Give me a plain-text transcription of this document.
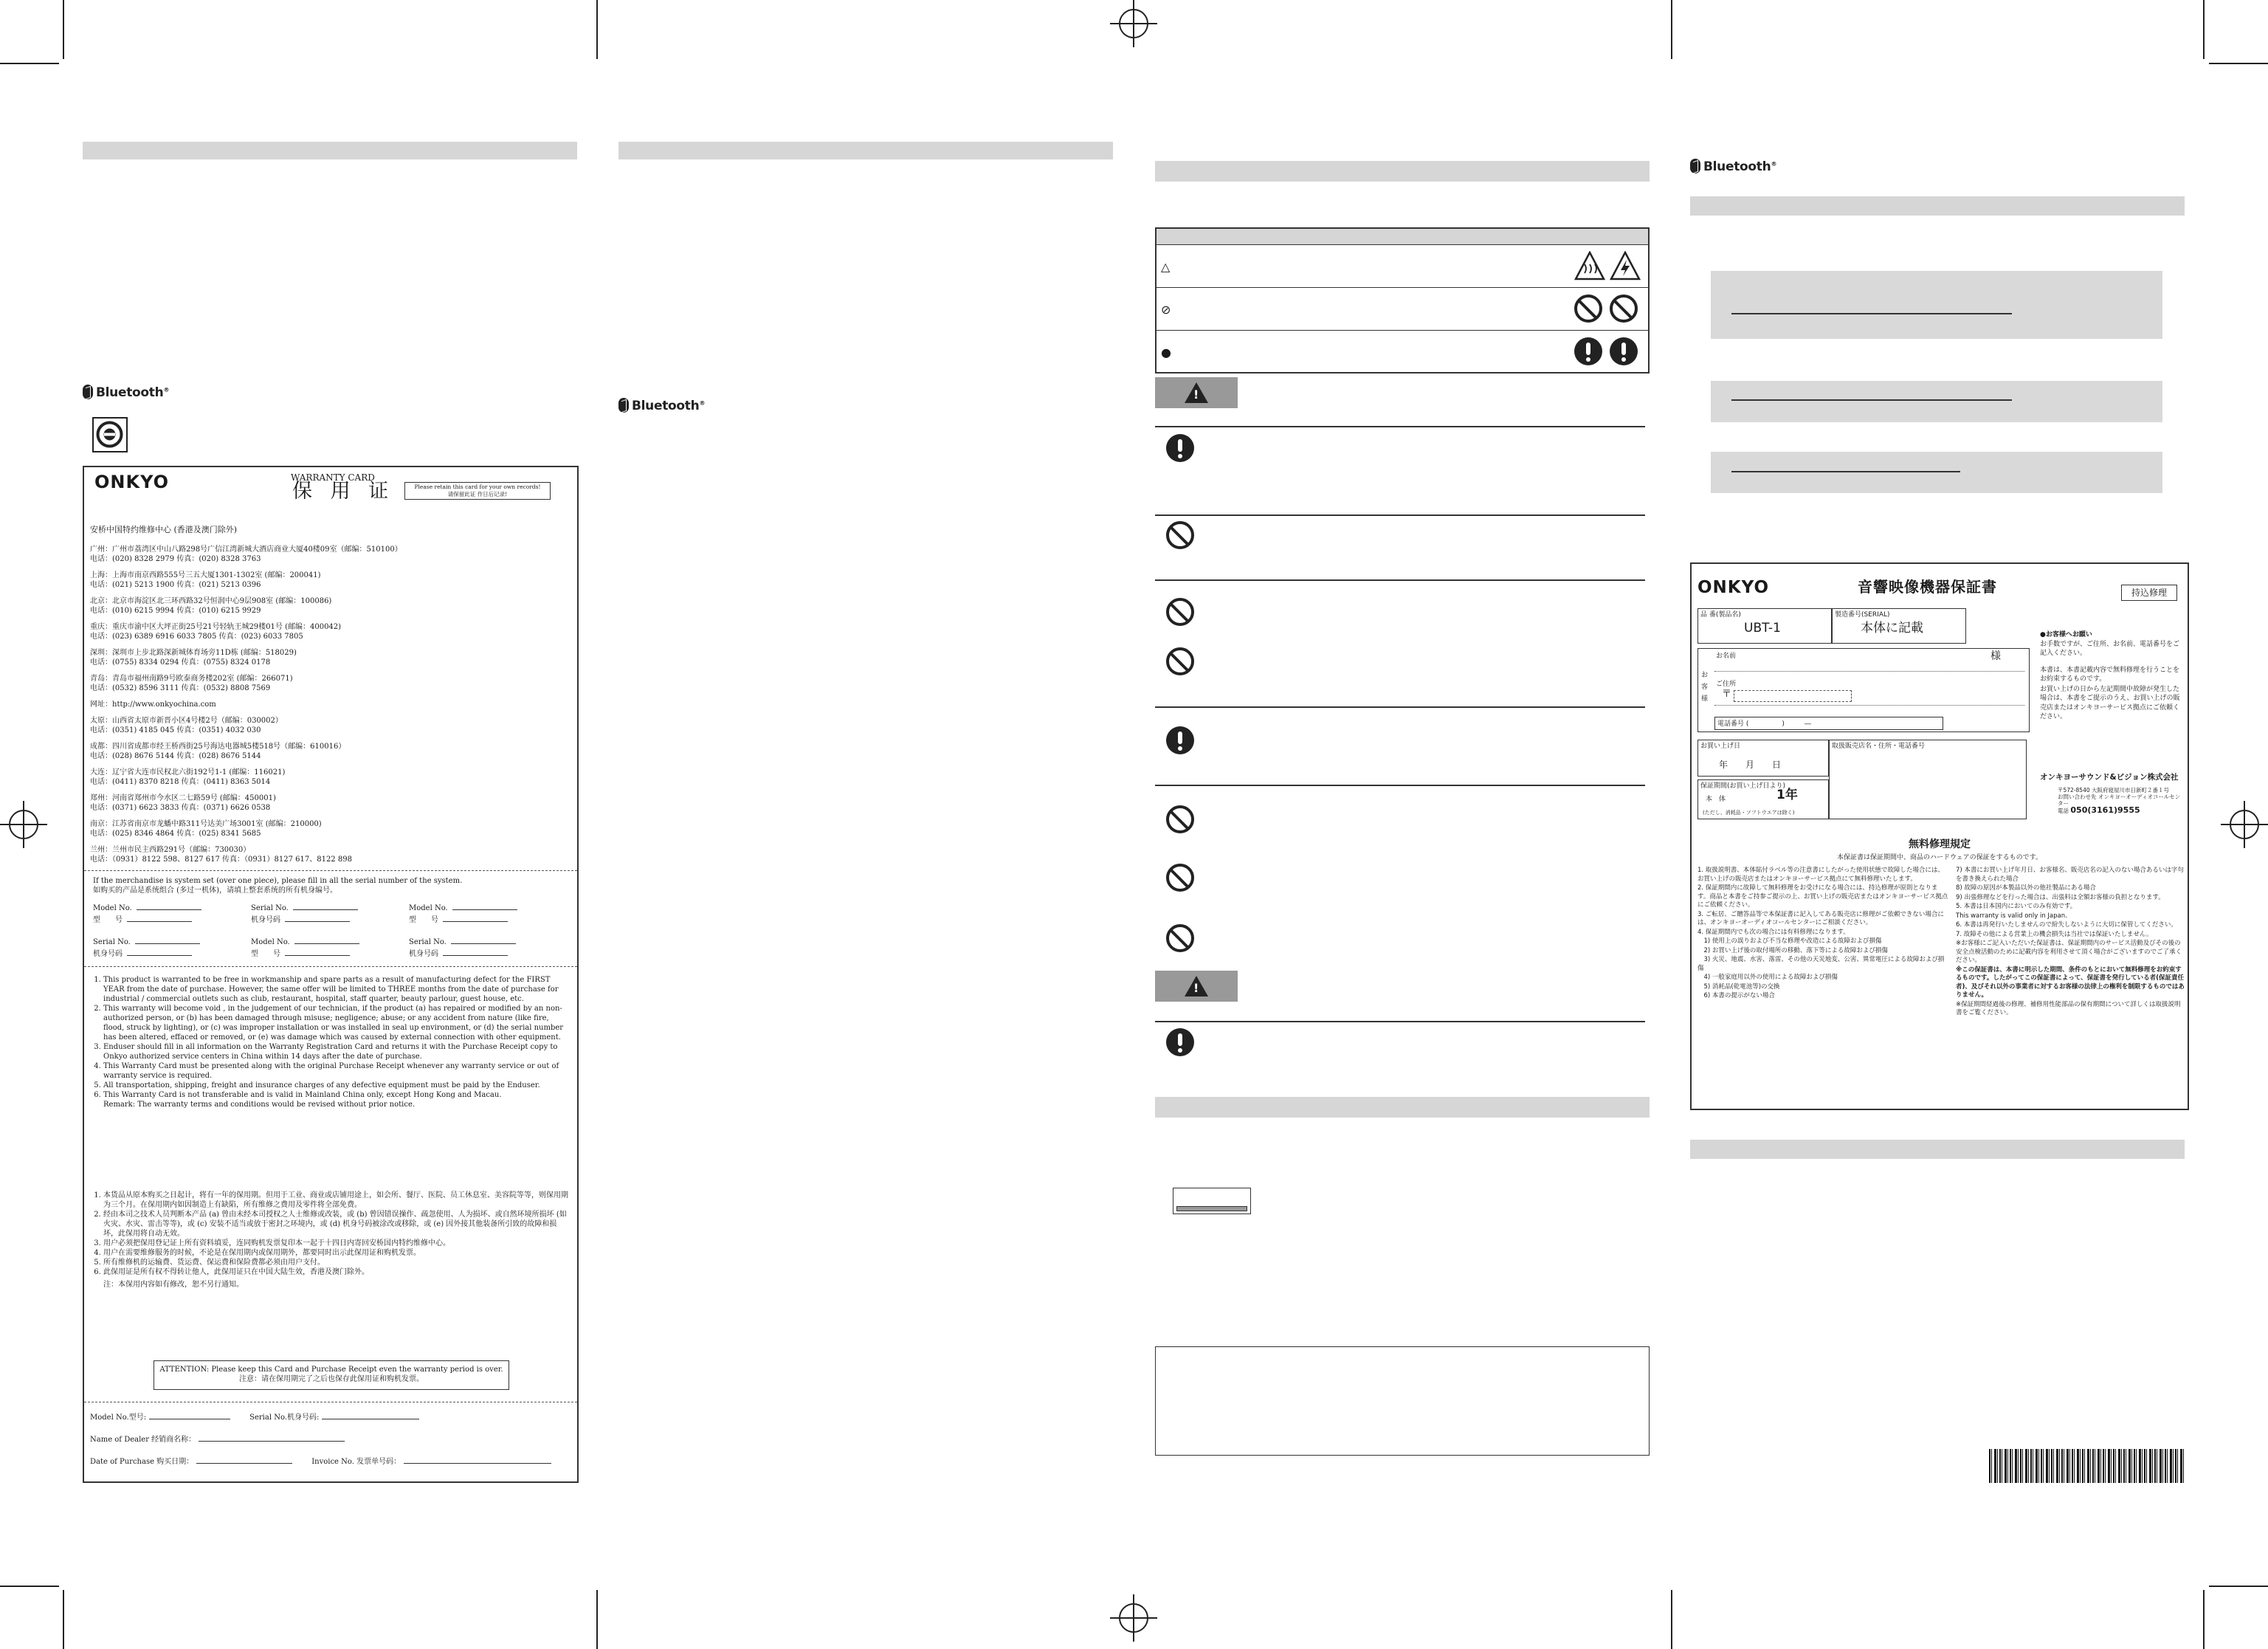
Bluetooth®
Bluetooth®
Bluetooth®
ONKYO	WARRANTY CARD
保 用 证	Please retain this card for your own records!
请保留此证 作日后记录!

安桥中国特约维修中心 (香港及澳门除外)

广州：广州市荔湾区中山八路298号广信江湾新城大酒店商业大厦40楼09室（邮编：510100）
电话：(020) 8328 2979 传真：(020) 8328 3763

上海：上海市南京西路555号三五大厦1301-1302室 (邮编：200041)
电话：(021) 5213 1900 传真：(021) 5213 0396

北京：北京市海淀区北三环西路32号恒润中心9层908室 (邮编：100086)
电话：(010) 6215 9994 传真：(010) 6215 9929

重庆：重庆市渝中区大坪正街25号21号轻轨王城29楼01号 (邮编：400042)
电话：(023) 6389 6916 6033 7805 传真：(023) 6033 7805

深圳：深圳市上步北路深新城体育场旁11D栋 (邮编：518029)
电话：(0755) 8334 0294 传真：(0755) 8324 0178

青岛：青岛市福州南路9号欧泰商务楼202室 (邮编：266071)
电话：(0532) 8596 3111 传真：(0532) 8808 7569

网址：http://www.onkyochina.com

太原：山西省太原市新晋小区4号楼2号（邮编：030002）
电话：(0351) 4185 045 传真：(0351) 4032 030

成都：四川省成都市经王桥西街25号海达电器城5楼518号（邮编：610016）
电话：(028) 8676 5144 传真：(028) 8676 5144

大连：辽宁省大连市民权北六街192号1-1 (邮编：116021)
电话：(0411) 8370 8218 传真：(0411) 8363 5014

郑州：河南省郑州市今水区二七路59号 (邮编：450001)
电话：(0371) 6623 3833 传真：(0371) 6626 0538

南京：江苏省南京市龙蟠中路311号达美广场3001室 (邮编：210000)
电话：(025) 8346 4864 传真：(025) 8341 5685

兰州：兰州市民主西路291号（邮编：730030）
电话：（0931）8122 598、8127 617 传真：（0931）8127 617、8122 898

If the merchandise is system set (over one piece), please fill in all the serial number of the system.
如购买的产品是系统组合 (多过一机体)，请填上整套系统的所有机身编号。
Model No.	Serial No.	Model No.
型　　号	机身号码	型　　号
Serial No.	Model No.	Serial No.
机身号码	型　　号	机身号码
1. This product is warranted to be free in workmanship and spare parts as a result of manufacturing defect for the FIRST YEAR from the date of purchase. However, the same offer will be limited to THREE months from the date of purchase for industrial / commercial outlets such as club, restaurant, hospital, staff quarter, beauty parlour, guest house, etc.
2. This warranty will become void , in the judgement of our technician, if the product (a) has repaired or modified by an non-authorized person, or (b) has been damaged through misuse; negligence; abuse; or any accident from nature (like fire, flood, struck by lighting), or (c) was improper installation or was installed in seal up environment, or (d) the serial number has been altered, effaced or removed, or (e) was damage which was caused by external connection with other equipment.
3. Enduser should fill in all information on the Warranty Registration Card and returns it with the Purchase Receipt copy to Onkyo authorized service centers in China within 14 days after the date of purchase.
4. This Warranty Card must be presented along with the original Purchase Receipt whenever any warranty service or out of warranty service is required.
5. All transportation, shipping, freight and insurance charges of any defective equipment must be paid by the Enduser.
6. This Warranty Card is not transferable and is valid in Mainland China only, except Hong Kong and Macau.
Remark: The warranty terms and conditions would be revised without prior notice.
1. 本货品从原本购买之日起计，将有一年的保用期。但用于工业、商业或店铺用途上，如会所、餐厅、医院、员工休息室、美容院等等，则保用期为三个月。在保用期内如因制造上有缺陷，所有维修之费用及零件将全部免费。
2. 经由本司之技术人员判断本产品 (a) 曾由未经本司授权之人士维修或改装，或 (b) 曾因错误操作、疏忽使用、人为损坏、或自然环境所损坏 (如火灾、水灾、雷击等等)，或 (c) 安装不适当或放于密封之环境内，或 (d) 机身号码被涂改或移除，或 (e) 因外接其他装备所引致的故障和损坏，此保用将自动无效。
3. 用户必须把保用登记证上所有资料填妥，连同购机发票复印本一起于十四日内寄回安桥国内特约维修中心。
4. 用户在需要维修服务的时候，不论是在保用期内或保用期外，都要同时出示此保用证和购机发票。
5. 所有维修机的运输费、货运费、保运费和保险费都必须由用户支付。
6. 此保用证是所有权不得转让他人，此保用证只在中国大陆生效，香港及澳门除外。
注：本保用内容如有修改，恕不另行通知。
ATTENTION: Please keep this Card and Purchase Receipt even the warranty period is over.
注意：请在保用期完了之后也保存此保用证和购机发票。
Model No.型号:	Serial No.机身号码:
Name of Dealer 经销商名称：
Date of Purchase 购买日期：	Invoice No. 发票单号码：
△
⊘
●
!
!
ONKYO	音響映像機器保証書	持込修理
品 番(製品名)
UBT-1
製造番号(SERIAL)
本体に記載
お客様
お名前	様
ご住所
〒
電話番号 (　　　　　)　　　―
お買い上げ日
年　　月　　日
取扱販売店名・住所・電話番号
保証期間(お買い上げ日より)
本　体	1年
(ただし、消耗品・ソフトウエアは除く)
●お客様へお願い

お手数ですが、ご住所、お名前、電話番号をご記入ください。

本書は、本書記載内容で無料修理を行うことをお約束するものです。

お買い上げの日から左記期間中故障が発生した場合は、本書をご提示のうえ、お買い上げの販売店またはオンキヨーサービス拠点にご依頼ください。

オンキヨーサウンド&ビジョン株式会社
〒572-8540 大阪府寝屋川市日新町２番１号
お問い合わせ先 オンキヨーオーディオコールセンター
電話 050(3161)9555
無料修理規定
本保証書は保証期間中、商品のハードウェアの保証をするものです。

1. 取扱説明書、本体貼付ラベル等の注意書にしたがった使用状態で故障した場合には、お買い上げの販売店またはオンキヨーサービス拠点にて無料修理いたします。

2. 保証期間内に故障して無料修理をお受けになる場合には、持込修理が原則となります。商品と本書をご持参ご提示の上、お買い上げの販売店またはオンキヨーサービス拠点にご依頼ください。

3. ご転居、ご贈答品等で本保証書に記入してある販売店に修理がご依頼できない場合には、オンキヨーオーディオコールセンターにご相談ください。

4. 保証期間内でも次の場合には有料修理になります。

　1) 使用上の誤りおよび不当な修理や改造による故障および損傷

　2) お買い上げ後の取付場所の移動、落下等による故障および損傷

　3) 火災、地震、水害、落雷、その他の天災地変、公害、異常電圧による故障および損傷

　4) 一般家庭用以外の使用による故障および損傷

　5) 消耗品(乾電池等)の交換

　6) 本書の提示がない場合

7) 本書にお買い上げ年月日、お客様名、販売店名の記入のない場合あるいは字句を書き換えられた場合

8) 故障の原因が本製品以外の他社製品にある場合

9) 出張修理などを行った場合は、出張料は全額お客様の負担となります。

5. 本書は日本国内においてのみ有効です。

This warranty is valid only in Japan.

6. 本書は再発行いたしませんので紛失しないように大切に保管してください。

7. 故障その他による営業上の機会損失は当社では保証いたしません。

※お客様にご記入いただいた保証書は、保証期間内のサービス活動及びその後の安全点検活動のために記載内容を利用させて頂く場合がございますのでご了承ください。

※この保証書は、本書に明示した期間、条件のもとにおいて無料修理をお約束するものです。したがってこの保証書によって、保証書を発行している者(保証責任者)、及びそれ以外の事業者に対するお客様の法律上の権利を制限するものではありません。

※保証期間経過後の修理、補修用性能部品の保有期間について詳しくは取扱説明書をご覧ください。
